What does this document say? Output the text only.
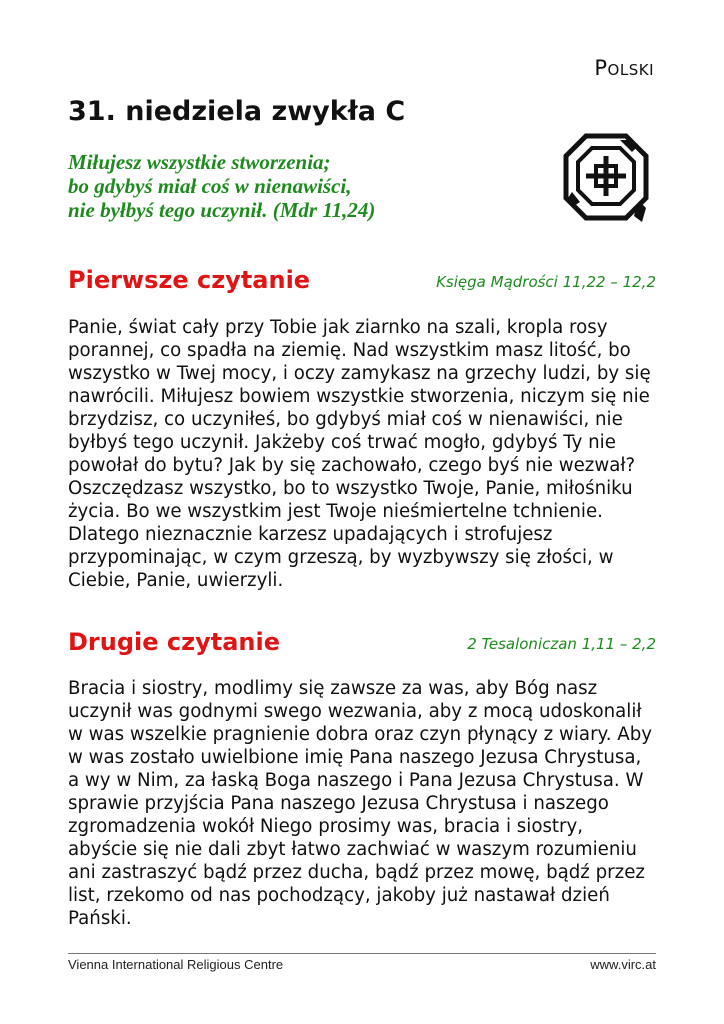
Polski
31. niedziela zwykła C

Miłujesz wszystkie stworzenia;
bo gdybyś miał coś w nienawiści,
nie byłbyś tego uczynił. (Mdr 11,24)

Pierwsze czytanie	Księga Mądrości 11,22 – 12,2

Panie, świat cały przy Tobie jak ziarnko na szali, kropla rosy porannej, co spadła na ziemię. Nad wszystkim masz litość, bo wszystko w Twej mocy, i oczy zamykasz na grzechy ludzi, by się nawrócili. Miłujesz bowiem wszystkie stworzenia, niczym się nie brzydzisz, co uczyniłeś, bo gdybyś miał coś w nienawiści, nie byłbyś tego uczynił. Jakżeby coś trwać mogło, gdybyś Ty nie powołał do bytu? Jak by się zachowało, czego byś nie wezwał? Oszczędzasz wszystko, bo to wszystko Twoje, Panie, miłośniku życia. Bo we wszystkim jest Twoje nieśmiertelne tchnienie. Dlatego nieznacznie karzesz upadających i strofujesz przypominając, w czym grzeszą, by wyzbywszy się złości, w Ciebie, Panie, uwierzyli.

Drugie czytanie	2 Tesaloniczan 1,11 – 2,2

Bracia i siostry, modlimy się zawsze za was, aby Bóg nasz uczynił was godnymi swego wezwania, aby z mocą udoskonalił w was wszelkie pragnienie dobra oraz czyn płynący z wiary. Aby w was zostało uwielbione imię Pana naszego Jezusa Chrystusa, a wy w Nim, za łaską Boga naszego i Pana Jezusa Chrystusa. W sprawie przyjścia Pana naszego Jezusa Chrystusa i naszego zgromadzenia wokół Niego prosimy was, bracia i siostry, abyście się nie dali zbyt łatwo zachwiać w waszym rozumieniu ani zastraszyć bądź przez ducha, bądź przez mowę, bądź przez list, rzekomo od nas pochodzący, jakoby już nastawał dzień Pański.

Vienna International Religious Centre	www.virc.at
